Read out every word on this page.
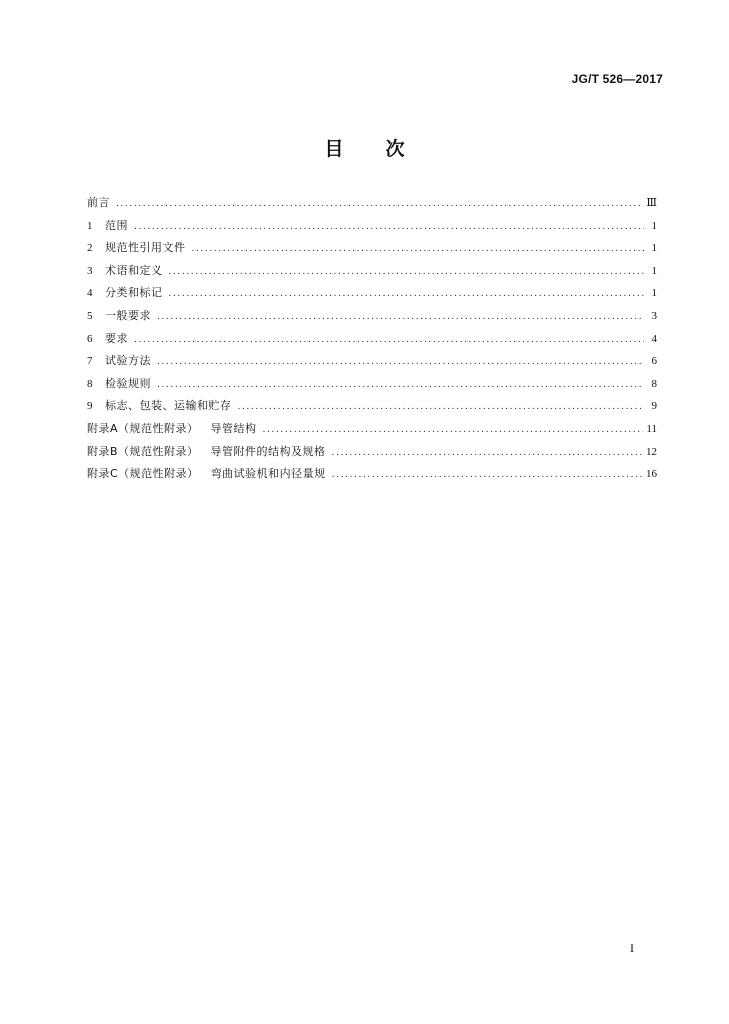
JG/T 526—2017
目次
前言 .....	Ⅲ
1	范围 .....	1
2	规范性引用文件 .....	1
3	术语和定义 .....	1
4	分类和标记 .....	1
5	一般要求 .....	3
6	要求 .....	4
7	试验方法 .....	6
8	检验规则 .....	8
9	标志、包装、运输和贮存 .....	9
附录A（规范性附录） 导管结构 .....	11
附录B（规范性附录） 导管附件的结构及规格 .....	12
附录C（规范性附录） 弯曲试验机和内径量规 .....	16
I
